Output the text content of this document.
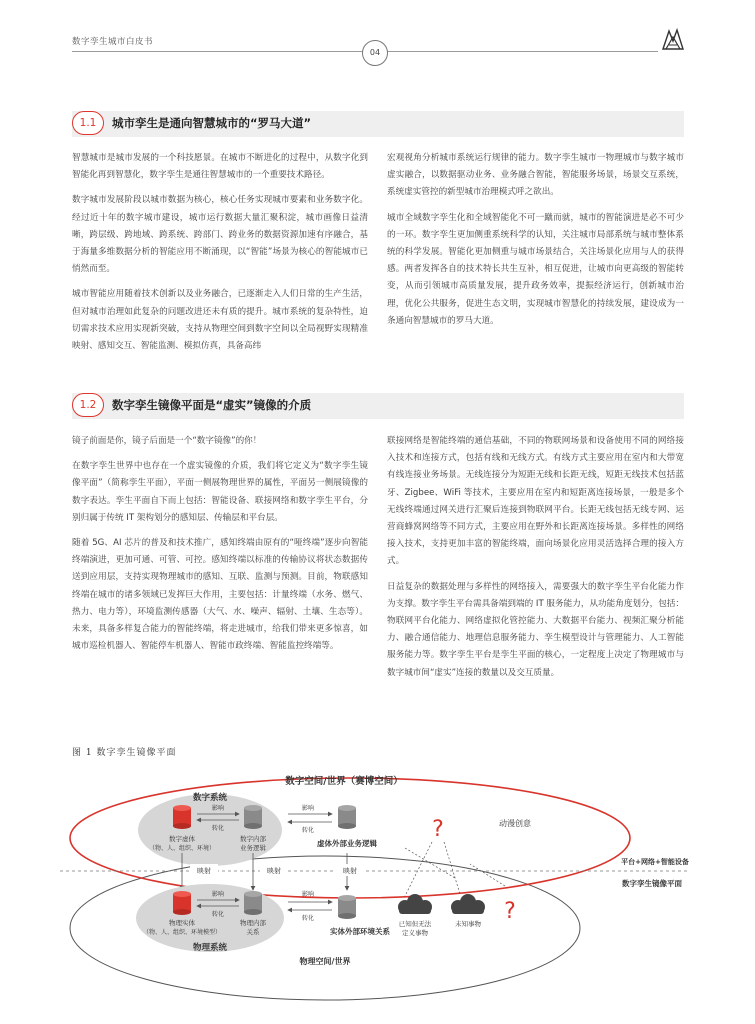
数字孪生城市白皮书
04
1.1	城市孪生是通向智慧城市的“罗马大道”

智慧城市是城市发展的一个科技愿景。在城市不断进化的过程中，从数字化到智能化再到智慧化，数字孪生是通往智慧城市的一个重要技术路径。

数字城市发展阶段以城市数据为核心，核心任务实现城市要素和业务数字化。经过近十年的数字城市建设，城市运行数据大量汇聚积淀，城市画像日益清晰，跨层级、跨地域、跨系统、跨部门、跨业务的数据资源加速有序融合，基于海量多维数据分析的智能应用不断涌现，以“智能”场景为核心的智能城市已悄然而至。

城市智能应用随着技术创新以及业务融合，已逐渐走入人们日常的生产生活，但对城市治理如此复杂的问题改进还未有质的提升。城市系统的复杂特性，迫切需求技术应用实现新突破，支持从物理空间到数字空间以全局视野实现精准映射、感知交互、智能监测、模拟仿真，具备高纬

宏观视角分析城市系统运行规律的能力。数字孪生城市一物理城市与数字城市虚实融合，以数据驱动业务、业务融合智能，智能服务场景，场景交互系统，系统虚实管控的新型城市治理模式呼之欲出。

城市全域数字孪生化和全域智能化不可一蹴而就，城市的智能演进是必不可少的一环。数字孪生更加侧重系统科学的认知，关注城市局部系统与城市整体系统的科学发展。智能化更加侧重与城市场景结合，关注场景化应用与人的获得感。两者发挥各自的技术特长共生互补，相互促进，让城市向更高级的智能转变，从而引领城市高质量发展，提升政务效率，提振经济运行，创新城市治理，优化公共服务，促进生态文明，实现城市智慧化的持续发展，建设成为一条通向智慧城市的罗马大道。

1.2	数字孪生镜像平面是“虚实”镜像的介质

镜子前面是你，镜子后面是一个“数字镜像”的你！

在数字孪生世界中也存在一个虚实镜像的介质，我们将它定义为“数字孪生镜像平面”（简称孪生平面），平面一侧展物理世界的属性，平面另一侧展镜像的数字表达。孪生平面自下而上包括：智能设备、联接网络和数字孪生平台，分别归属于传统 IT 架构划分的感知层、传输层和平台层。

随着 5G、AI 芯片的普及和技术推广，感知终端由原有的“哑终端”逐步向智能终端演进，更加可通、可管、可控。感知终端以标准的传输协议将状态数据传送到应用层，支持实现物理城市的感知、互联、监测与预测。目前，物联感知终端在城市的诸多领域已发挥巨大作用，主要包括：计量终端（水务、燃气、热力、电力等），环境监测传感器（大气、水、噪声、辐射、土壤、生态等）。未来，具备多样复合能力的智能终端，将走进城市，给我们带来更多惊喜，如城市巡检机器人、智能停车机器人、智能市政终端、智能监控终端等。

联接网络是智能终端的通信基础，不同的物联网场景和设备使用不同的网络接入技术和连接方式，包括有线和无线方式。有线方式主要应用在室内和大带宽有线连接业务场景。无线连接分为短距无线和长距无线，短距无线技术包括蓝牙、Zigbee、WiFi 等技术，主要应用在室内和短距离连接场景，一般是多个无线终端通过网关进行汇聚后连接到物联网平台。长距无线包括无线专网、运营商蜂窝网络等不同方式，主要应用在野外和长距离连接场景。多样性的网络接入技术，支持更加丰富的智能终端，面向场景化应用灵活选择合理的接入方式。

日益复杂的数据处理与多样性的网络接入，需要强大的数字孪生平台化能力作为支撑。数字孪生平台需具备端到端的 IT 服务能力，从功能角度划分，包括：物联网平台化能力、网络虚拟化管控能力、大数据平台能力、视频汇聚分析能力、融合通信能力、地理信息服务能力、孪生模型设计与管理能力、人工智能服务能力等。数字孪生平台是孪生平面的核心，一定程度上决定了物理城市与数字城市间“虚实”连接的数量以及交互质量。

图 1 数字孪生镜像平面
数字空间/世界（赛博空间）
数字系统
数字虚体
（物、人、组织、环境）
数字内部
业务逻辑
影响
转化
影响
转化
虚体外部业务逻辑
?
?
动漫创意
映射	映射	映射
平台+网络+智能设备
数字孪生镜像平面
物理实体
（物、人、组织、环境模型）
物理内部
关系
影响
转化
物理系统
影响
转化
实体外部环境关系
已知但无法
定义事物
未知事物
物理空间/世界
